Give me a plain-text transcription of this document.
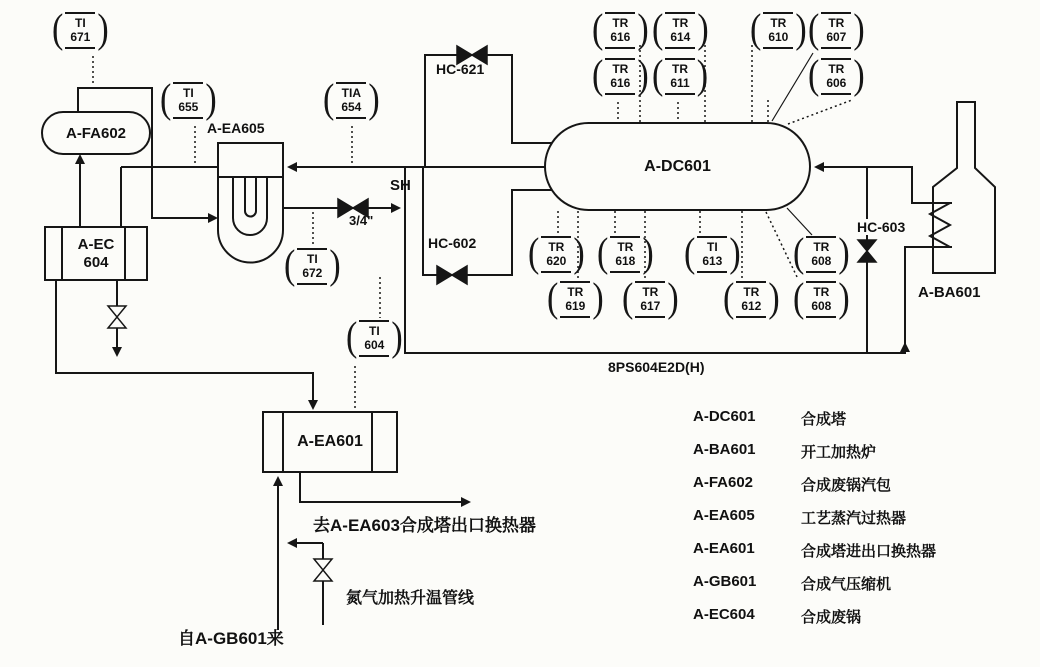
A-FA602	A-EA605
A-EC
604
A-DC601
A-BA601
A-EA601
HC-621
HC-602
HC-603
SH
3/4"
8PS604E2D(H)
去A-EA603合成塔出口换热器
氮气加热升温管线
自A-GB601来
( TI
671 )
( TI
655 )	( TIA
654 )
( TI
672 )
( TI
604 )
( TR
616 ) ( TR
614 ) ( TR
610 ) ( TR
607 )
( TR
616 ) ( TR
611 )	( TR
606 )
( TR
620 ) ( TR
618 ) ( TI
613 ) ( TR
608 )
( TR
619 ) ( TR
617 ) ( TR
612 ) ( TR
608 )
A-DC601	合成塔
A-BA601	开工加热炉
A-FA602	合成废锅汽包
A-EA605	工艺蒸汽过热器
A-EA601	合成塔进出口换热器
A-GB601	合成气压缩机
A-EC604	合成废锅
